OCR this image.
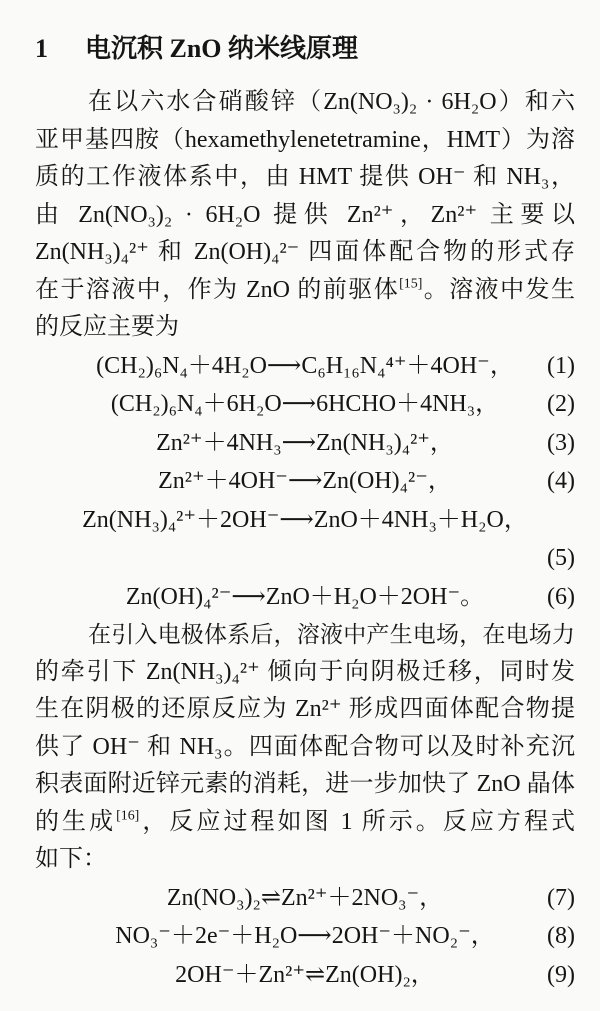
1	电沉积 ZnO 纳米线原理
在以六水合硝酸锌（Zn(NO₃)₂ · 6H₂O）和六
亚甲基四胺（hexamethylenetetramine，HMT）为溶
质的工作液体系中，由 HMT 提供 OH⁻ 和 NH₃，
由 Zn(NO₃)₂ · 6H₂O 提供 Zn²⁺，Zn²⁺ 主要以
Zn(NH₃)₄²⁺ 和 Zn(OH)₄²⁻ 四面体配合物的形式存
在于溶液中，作为 ZnO 的前驱体[15]。溶液中发生
的反应主要为
(CH₂)₆N₄＋4H₂O⟶C₆H₁₆N₄⁴⁺＋4OH⁻， (1)
(CH₂)₆N₄＋6H₂O⟶6HCHO＋4NH₃， (2)
Zn²⁺＋4NH₃⟶Zn(NH₃)₄²⁺，	(3)
Zn²⁺＋4OH⁻⟶Zn(OH)₄²⁻，	(4)
Zn(NH₃)₄²⁺＋2OH⁻⟶ZnO＋4NH₃＋H₂O，
(5)
Zn(OH)₄²⁻⟶ZnO＋H₂O＋2OH⁻。	(6)
在引入电极体系后，溶液中产生电场，在电场力
的牵引下 Zn(NH₃)₄²⁺ 倾向于向阴极迁移，同时发
生在阴极的还原反应为 Zn²⁺ 形成四面体配合物提
供了 OH⁻ 和 NH₃。四面体配合物可以及时补充沉
积表面附近锌元素的消耗，进一步加快了 ZnO 晶体
的生成[16]，反应过程如图 1 所示。反应方程式
如下：
Zn(NO₃)₂⇌Zn²⁺＋2NO₃⁻，	(7)
NO₃⁻＋2e⁻＋H₂O⟶2OH⁻＋NO₂⁻， (8)
2OH⁻＋Zn²⁺⇌Zn(OH)₂，	(9)
